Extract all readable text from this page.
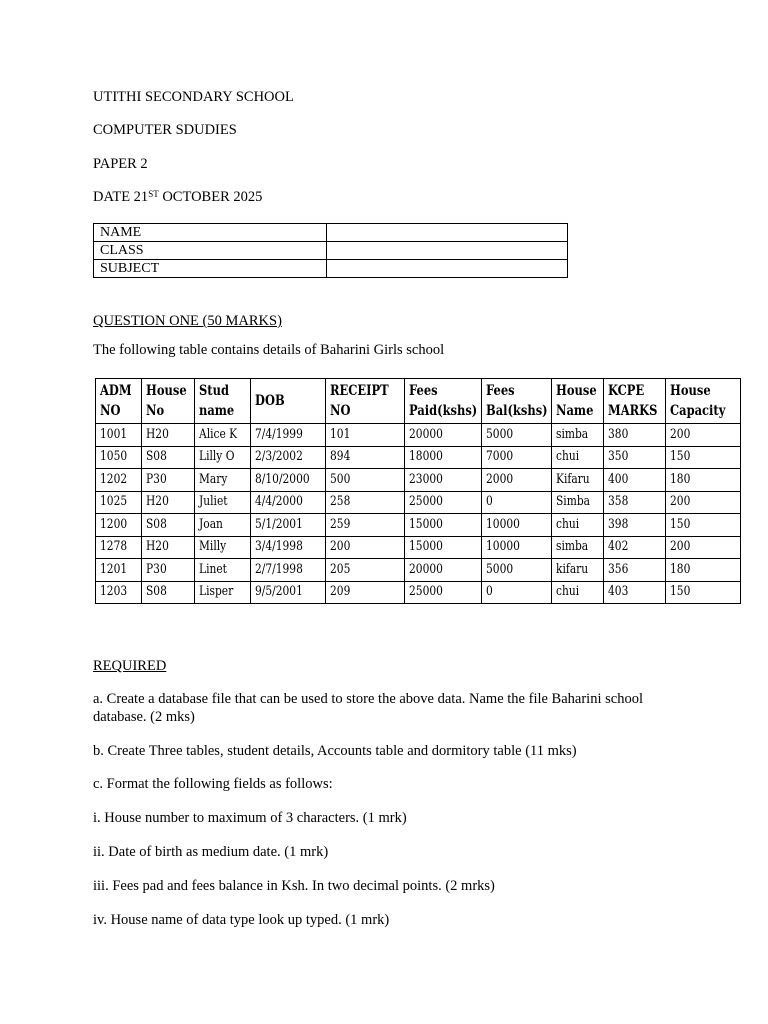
UTITHI SECONDARY SCHOOL
COMPUTER SDUDIES
PAPER 2
DATE 21ST OCTOBER 2025
NAME	
CLASS	
SUBJECT	
QUESTION ONE (50 MARKS)
The following table contains details of Baharini Girls school
ADM NO	House No	Stud name	DOB	RECEIPT NO	Fees Paid(kshs)	Fees Bal(kshs)	House Name	KCPE MARKS	House Capacity
1001	H20	Alice K	7/4/1999	101	20000	5000	simba	380	200
1050	S08	Lilly O	2/3/2002	894	18000	7000	chui	350	150
1202	P30	Mary	8/10/2000	500	23000	2000	Kifaru	400	180
1025	H20	Juliet	4/4/2000	258	25000	0	Simba	358	200
1200	S08	Joan	5/1/2001	259	15000	10000	chui	398	150
1278	H20	Milly	3/4/1998	200	15000	10000	simba	402	200
1201	P30	Linet	2/7/1998	205	20000	5000	kifaru	356	180
1203	S08	Lisper	9/5/2001	209	25000	0	chui	403	150
REQUIRED
a. Create a database file that can be used to store the above data. Name the file Baharini school database. (2 mks)
b. Create Three tables, student details, Accounts table and dormitory table (11 mks)
c. Format the following fields as follows:
i. House number to maximum of 3 characters. (1 mrk)
ii. Date of birth as medium date. (1 mrk)
iii. Fees pad and fees balance in Ksh. In two decimal points. (2 mrks)
iv. House name of data type look up typed. (1 mrk)
